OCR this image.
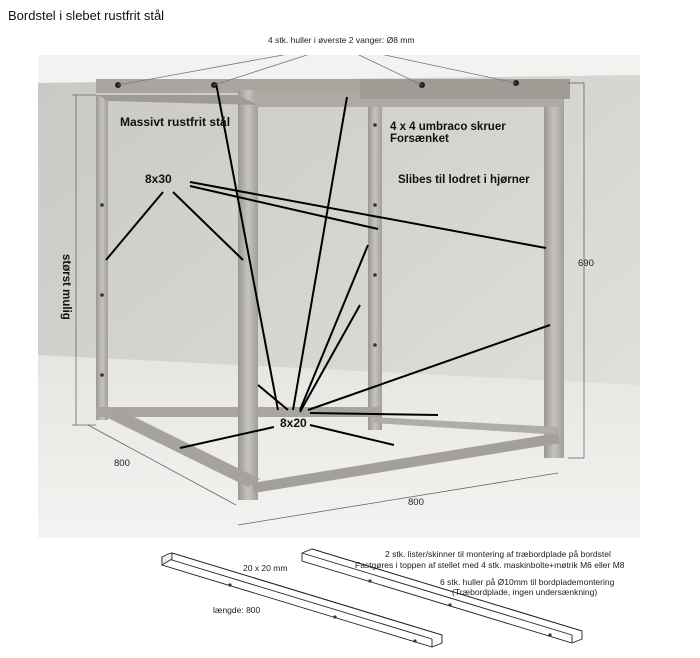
Bordstel i slebet rustfrit stål
4 stk. huller i øverste 2 vanger: Ø8 mm
Massivt rustfrit stål	4 x 4 umbraco skruer
Forsænket
Slibes til lodret i hjørner
8x30
8x20
størst mulig	690
800
800
20 x 20 mm
længde: 800
2 stk. lister/skinner til montering af træbordplade på bordstel
Fastgøres i toppen af stellet med 4 stk. maskinbolte+møtrik M6 eller M8
6 stk. huller på Ø10mm til bordplademontering
(Træbordplade, ingen undersænkning)
